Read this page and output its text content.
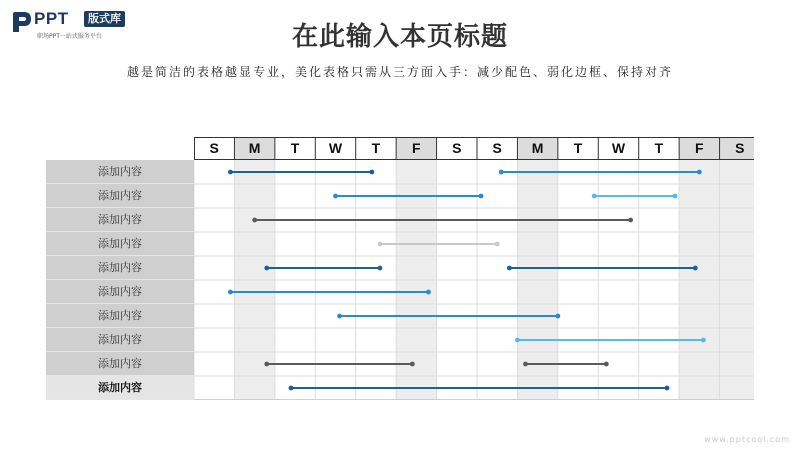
PPT	版式库
职场PPT一站式服务平台	在此输入本页标题
越是简洁的表格越显专业，美化表格只需从三方面入手：减少配色、弱化边框、保持对齐
S	M	T	W	T	F	S	S	M	T	W	T	F	S
添加内容
添加内容
添加内容
添加内容
添加内容
添加内容
添加内容
添加内容
添加内容
添加内容
www.pptcool.com
